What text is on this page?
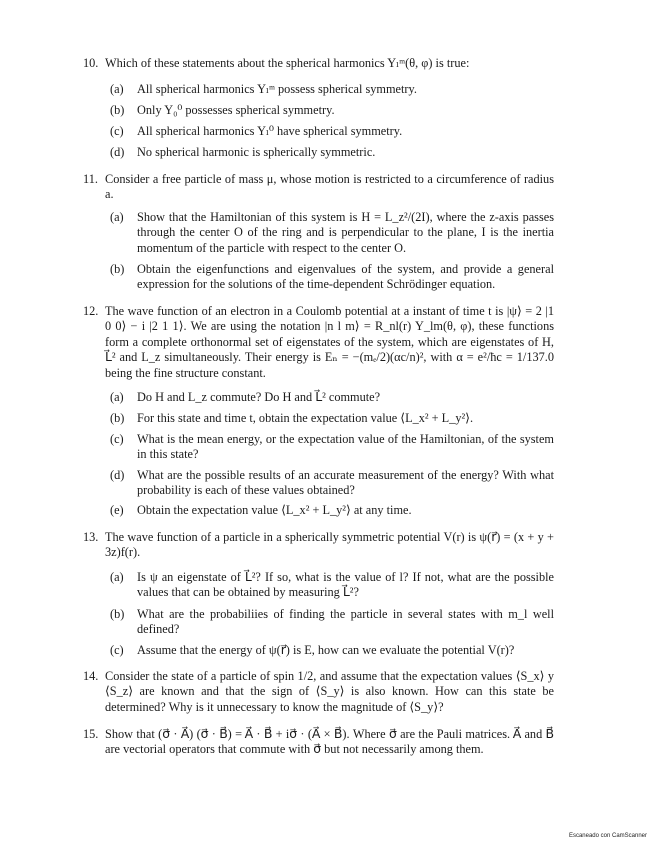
10. Which of these statements about the spherical harmonics Yₗᵐ(θ, φ) is true:
(a) All spherical harmonics Yₗᵐ possess spherical symmetry.
(b) Only Y₀⁰ possesses spherical symmetry.
(c) All spherical harmonics Yₗ⁰ have spherical symmetry.
(d) No spherical harmonic is spherically symmetric.
11. Consider a free particle of mass μ, whose motion is restricted to a circumference of radius a.
(a) Show that the Hamiltonian of this system is H = L_z²/(2I), where the z-axis passes through the center O of the ring and is perpendicular to the plane, I is the inertia momentum of the particle with respect to the center O.
(b) Obtain the eigenfunctions and eigenvalues of the system, and provide a general expression for the solutions of the time-dependent Schrödinger equation.
12. The wave function of an electron in a Coulomb potential at a instant of time t is |ψ⟩ = 2 |1 0 0⟩ − i |2 1 1⟩. We are using the notation |n l m⟩ = R_nl(r) Y_lm(θ, φ), these functions form a complete orthonormal set of eigenstates of the system, which are eigenstates of H, L⃗² and L_z simultaneously. Their energy is Eₙ = −(mₑ/2)(αc/n)², with α = e²/ħc = 1/137.0 being the fine structure constant.
(a) Do H and L_z commute? Do H and L⃗² commute?
(b) For this state and time t, obtain the expectation value ⟨L_x² + L_y²⟩.
(c) What is the mean energy, or the expectation value of the Hamiltonian, of the system in this state?
(d) What are the possible results of an accurate measurement of the energy? With what probability is each of these values obtained?
(e) Obtain the expectation value ⟨L_x² + L_y²⟩ at any time.
13. The wave function of a particle in a spherically symmetric potential V(r) is ψ(r⃗) = (x + y + 3z)f(r).
(a) Is ψ an eigenstate of L⃗²? If so, what is the value of l? If not, what are the possible values that can be obtained by measuring L⃗²?
(b) What are the probabiliies of finding the particle in several states with m_l well defined?
(c) Assume that the energy of ψ(r⃗) is E, how can we evaluate the potential V(r)?
14. Consider the state of a particle of spin 1/2, and assume that the expectation values ⟨S_x⟩ y ⟨S_z⟩ are known and that the sign of ⟨S_y⟩ is also known. How can this state be determined? Why is it unnecessary to know the magnitude of ⟨S_y⟩?
15. Show that (σ⃗ · A⃗) (σ⃗ · B⃗) = A⃗ · B⃗ + iσ⃗ · (A⃗ × B⃗). Where σ⃗ are the Pauli matrices. A⃗ and B⃗ are vectorial operators that commute with σ⃗ but not necessarily among them.
Escaneado con CamScanner
